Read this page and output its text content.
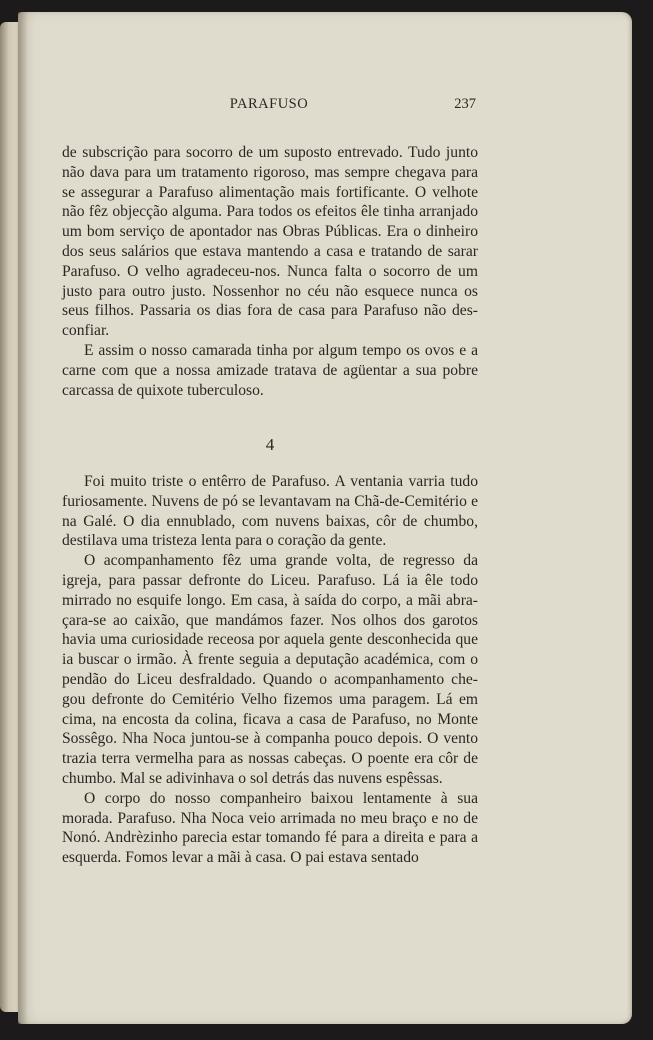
PARAFUSO	237

de subscrição para socorro de um suposto entrevado. Tudo junto não dava para um tratamento rigoroso, mas sempre chegava para se assegurar a Parafuso alimentação mais fortificante. O velhote não fêz objecção alguma. Para todos os efeitos êle tinha arranjado um bom serviço de apontador nas Obras Públicas. Era o dinheiro dos seus salários que estava mantendo a casa e tratando de sarar Parafuso. O velho agradeceu-nos. Nunca falta o socorro de um justo para outro justo. Nossenhor no céu não esquece nunca os seus filhos. Passaria os dias fora de casa para Parafuso não des-confiar.

E assim o nosso camarada tinha por algum tempo os ovos e a carne com que a nossa amizade tratava de agüentar a sua pobre carcassa de quixote tuberculoso.

4

Foi muito triste o entêrro de Parafuso. A ventania varria tudo furiosamente. Nuvens de pó se levantavam na Chã-de-Cemitério e na Galé. O dia ennublado, com nuvens baixas, côr de chumbo, destilava uma tristeza lenta para o coração da gente.

O acompanhamento fêz uma grande volta, de regresso da igreja, para passar defronte do Liceu. Parafuso. Lá ia êle todo mirrado no esquife longo. Em casa, à saída do corpo, a mãi abra-çara-se ao caixão, que mandámos fazer. Nos olhos dos garotos havia uma curiosidade receosa por aquela gente desconhecida que ia buscar o irmão. À frente seguia a deputação académica, com o pendão do Liceu desfraldado. Quando o acompanhamento che-gou defronte do Cemitério Velho fizemos uma paragem. Lá em cima, na encosta da colina, ficava a casa de Parafuso, no Monte Sossêgo. Nha Noca juntou-se à companha pouco depois. O vento trazia terra vermelha para as nossas cabeças. O poente era côr de chumbo. Mal se adivinhava o sol detrás das nuvens espêssas.

O corpo do nosso companheiro baixou lentamente à sua morada. Parafuso. Nha Noca veio arrimada no meu braço e no de Nonó. Andrèzinho parecia estar tomando fé para a direita e para a esquerda. Fomos levar a mãi à casa. O pai estava sentado
